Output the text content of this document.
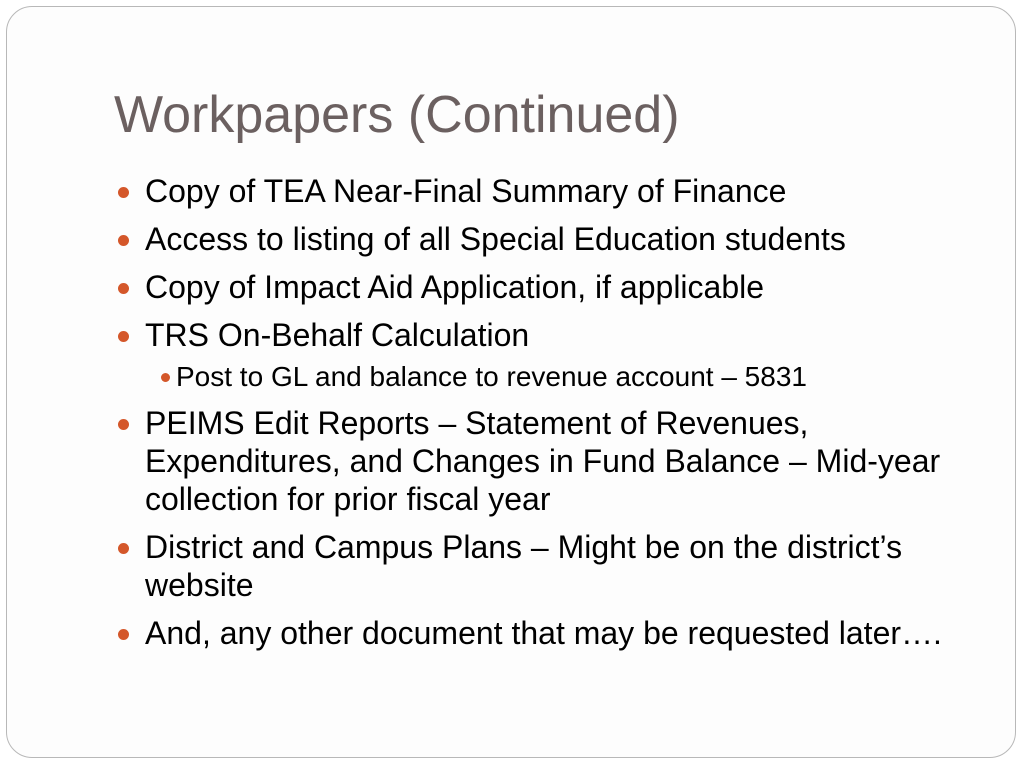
Workpapers (Continued)
Copy of TEA Near-Final Summary of Finance
Access to listing of all Special Education students
Copy of Impact Aid Application, if applicable
TRS On-Behalf Calculation
Post to GL and balance to revenue account – 5831
PEIMS Edit Reports – Statement of Revenues, Expenditures, and Changes in Fund Balance – Mid-year collection for prior fiscal year
District and Campus Plans – Might be on the district’s website
And, any other document that may be requested later….
